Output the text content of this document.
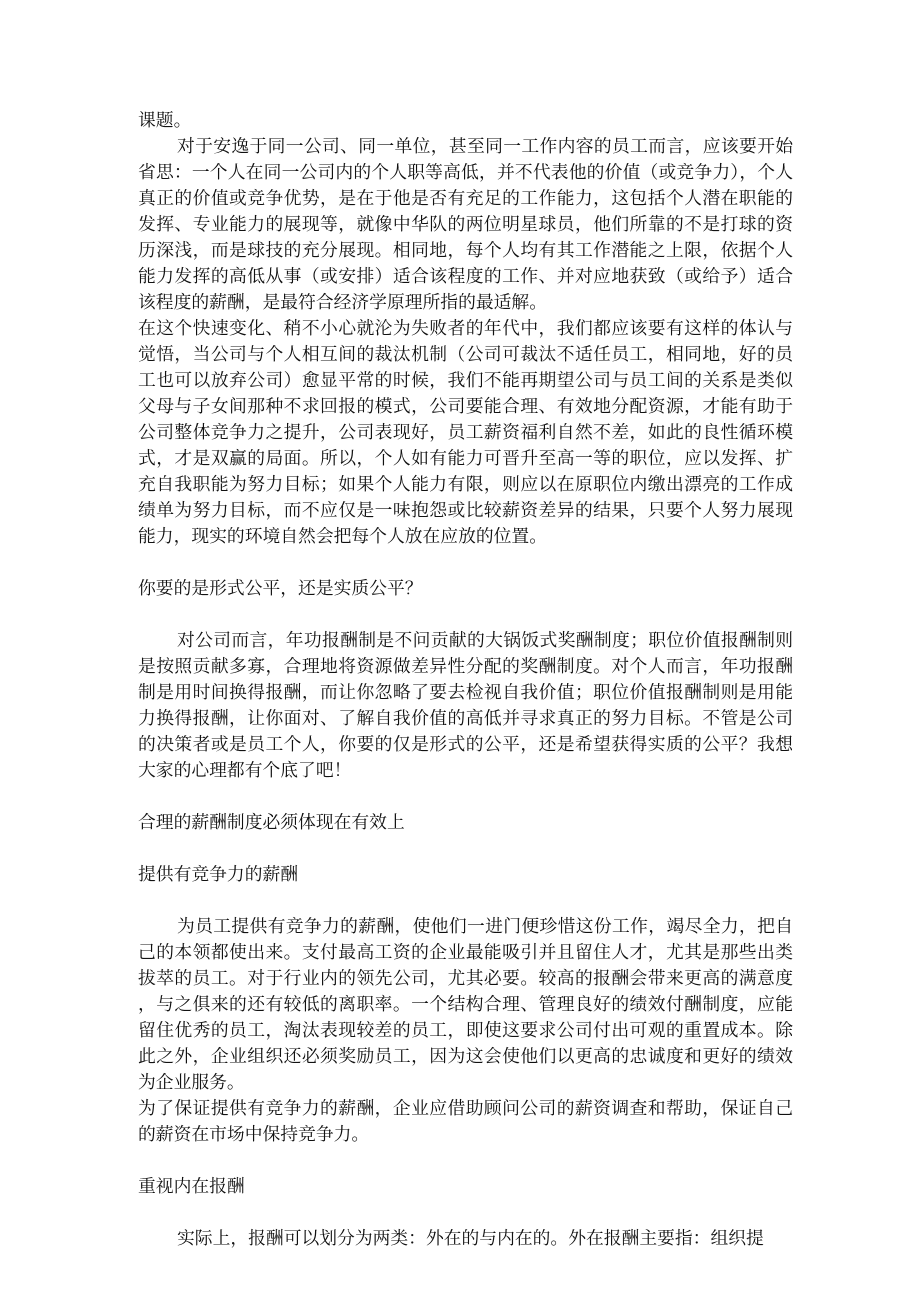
课题。

对于安逸于同一公司、同一单位，甚至同一工作内容的员工而言，应该要开始省思：一个人在同一公司内的个人职等高低，并不代表他的价值（或竞争力），个人真正的价值或竞争优势，是在于他是否有充足的工作能力，这包括个人潜在职能的发挥、专业能力的展现等，就像中华队的两位明星球员，他们所靠的不是打球的资历深浅，而是球技的充分展现。相同地，每个人均有其工作潜能之上限，依据个人能力发挥的高低从事（或安排）适合该程度的工作、并对应地获致（或给予）适合该程度的薪酬，是最符合经济学原理所指的最适解。

在这个快速变化、稍不小心就沦为失败者的年代中，我们都应该要有这样的体认与觉悟，当公司与个人相互间的裁汰机制（公司可裁汰不适任员工，相同地，好的员工也可以放弃公司）愈显平常的时候，我们不能再期望公司与员工间的关系是类似父母与子女间那种不求回报的模式，公司要能合理、有效地分配资源，才能有助于公司整体竞争力之提升，公司表现好，员工薪资福利自然不差，如此的良性循环模式，才是双赢的局面。所以，个人如有能力可晋升至高一等的职位，应以发挥、扩充自我职能为努力目标；如果个人能力有限，则应以在原职位内缴出漂亮的工作成绩单为努力目标，而不应仅是一味抱怨或比较薪资差异的结果，只要个人努力展现能力，现实的环境自然会把每个人放在应放的位置。

你要的是形式公平，还是实质公平？

对公司而言，年功报酬制是不问贡献的大锅饭式奖酬制度；职位价值报酬制则是按照贡献多寡，合理地将资源做差异性分配的奖酬制度。对个人而言，年功报酬制是用时间换得报酬，而让你忽略了要去检视自我价值；职位价值报酬制则是用能力换得报酬，让你面对、了解自我价值的高低并寻求真正的努力目标。不管是公司的决策者或是员工个人，你要的仅是形式的公平，还是希望获得实质的公平？我想大家的心理都有个底了吧！

合理的薪酬制度必须体现在有效上

提供有竞争力的薪酬

为员工提供有竞争力的薪酬，使他们一进门便珍惜这份工作，竭尽全力，把自己的本领都使出来。支付最高工资的企业最能吸引并且留住人才，尤其是那些出类拔萃的员工。对于行业内的领先公司，尤其必要。较高的报酬会带来更高的满意度，与之俱来的还有较低的离职率。一个结构合理、管理良好的绩效付酬制度，应能留住优秀的员工，淘汰表现较差的员工，即使这要求公司付出可观的重置成本。除此之外，企业组织还必须奖励员工，因为这会使他们以更高的忠诚度和更好的绩效为企业服务。

为了保证提供有竞争力的薪酬，企业应借助顾问公司的薪资调查和帮助，保证自己的薪资在市场中保持竞争力。

重视内在报酬

实际上，报酬可以划分为两类：外在的与内在的。外在报酬主要指：组织提
